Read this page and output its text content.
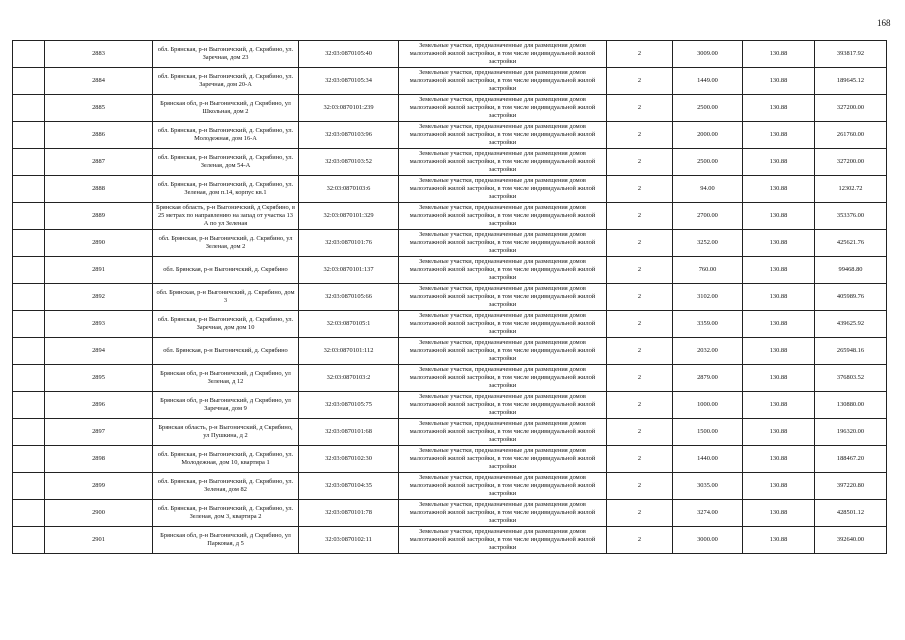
168
	2883	обл. Брянская, р-н Выгоничский, д. Скрябино, ул. Заречная, дом 23	32:03:0870105:40	Земельные участки, предназначенные для размещения домов малоэтажной жилой застройки, в том числе индивидуальной жилой застройки	2	3009.00	130.88	393817.92
	2884	обл. Брянская, р-н Выгоничский, д. Скрябино, ул. Заречная, дом 20-А	32:03:0870105:34	Земельные участки, предназначенные для размещения домов малоэтажной жилой застройки, в том числе индивидуальной жилой застройки	2	1449.00	130.88	189645.12
	2885	Брянская обл, р-н Выгоничский, д Скрябино, ул Школьная, дом 2	32:03:0870101:239	Земельные участки, предназначенные для размещения домов малоэтажной жилой застройки, в том числе индивидуальной жилой застройки	2	2500.00	130.88	327200.00
	2886	обл. Брянская, р-н Выгоничский, д. Скрябино, ул. Молодежная, дом 16-А	32:03:0870103:96	Земельные участки, предназначенные для размещения домов малоэтажной жилой застройки, в том числе индивидуальной жилой застройки	2	2000.00	130.88	261760.00
	2887	обл. Брянская, р-н Выгоничский, д. Скрябино, ул. Зеленая, дом 54-А	32:03:0870103:52	Земельные участки, предназначенные для размещения домов малоэтажной жилой застройки, в том числе индивидуальной жилой застройки	2	2500.00	130.88	327200.00
	2888	обл. Брянская, р-н Выгоничский, д. Скрябино, ул. Зеленая, дом п.14, корпус кв.1	32:03:0870103:6	Земельные участки, предназначенные для размещения домов малоэтажной жилой застройки, в том числе индивидуальной жилой застройки	2	94.00	130.88	12302.72
	2889	Брянская область, р-н Выгоничский, д Скрябино, в 25 метрах по направлению на запад от участка 13 А по ул Зеленая	32:03:0870101:329	Земельные участки, предназначенные для размещения домов малоэтажной жилой застройки, в том числе индивидуальной жилой застройки	2	2700.00	130.88	353376.00
	2890	обл. Брянская, р-н Выгоничский, д. Скрябино, ул Зеленая, дом 2	32:03:0870101:76	Земельные участки, предназначенные для размещения домов малоэтажной жилой застройки, в том числе индивидуальной жилой застройки	2	3252.00	130.88	425621.76
	2891	обл. Брянская, р-н Выгоничский, д. Скрябино	32:03:0870101:137	Земельные участки, предназначенные для размещения домов малоэтажной жилой застройки, в том числе индивидуальной жилой застройки	2	760.00	130.88	99468.80
	2892	обл. Брянская, р-н Выгоничский, д. Скрябино, дом 3	32:03:0870105:66	Земельные участки, предназначенные для размещения домов малоэтажной жилой застройки, в том числе индивидуальной жилой застройки	2	3102.00	130.88	405989.76
	2893	обл. Брянская, р-н Выгоничский, д. Скрябино, ул. Заречная, дом дом 10	32:03:0870105:1	Земельные участки, предназначенные для размещения домов малоэтажной жилой застройки, в том числе индивидуальной жилой застройки	2	3359.00	130.88	439625.92
	2894	обл. Брянская, р-н Выгоничский, д. Скрябино	32:03:0870101:112	Земельные участки, предназначенные для размещения домов малоэтажной жилой застройки, в том числе индивидуальной жилой застройки	2	2032.00	130.88	265948.16
	2895	Брянская обл, р-н Выгоничский, д Скрябино, ул Зеленая, д 12	32:03:0870103:2	Земельные участки, предназначенные для размещения домов малоэтажной жилой застройки, в том числе индивидуальной жилой застройки	2	2879.00	130.88	376803.52
	2896	Брянская обл, р-н Выгоничский, д Скрябино, ул Заречная, дом 9	32:03:0870105:75	Земельные участки, предназначенные для размещения домов малоэтажной жилой застройки, в том числе индивидуальной жилой застройки	2	1000.00	130.88	130880.00
	2897	Брянская область, р-н Выгоничский, д Скрябино, ул Пушкина, д 2	32:03:0870101:68	Земельные участки, предназначенные для размещения домов малоэтажной жилой застройки, в том числе индивидуальной жилой застройки	2	1500.00	130.88	196320.00
	2898	обл. Брянская, р-н Выгоничский, д. Скрябино, ул. Молодежная, дом 10, квартира 1	32:03:0870102:30	Земельные участки, предназначенные для размещения домов малоэтажной жилой застройки, в том числе индивидуальной жилой застройки	2	1440.00	130.88	188467.20
	2899	обл. Брянская, р-н Выгоничский, д. Скрябино, ул. Зеленая, дом 82	32:03:0870104:35	Земельные участки, предназначенные для размещения домов малоэтажной жилой застройки, в том числе индивидуальной жилой застройки	2	3035.00	130.88	397220.80
	2900	обл. Брянская, р-н Выгоничский, д. Скрябино, ул. Зеленая, дом 3, квартира 2	32:03:0870101:78	Земельные участки, предназначенные для размещения домов малоэтажной жилой застройки, в том числе индивидуальной жилой застройки	2	3274.00	130.88	428501.12
	2901	Брянская обл, р-н Выгоничский, д Скрябино, ул Парковая, д 5	32:03:0870102:11	Земельные участки, предназначенные для размещения домов малоэтажной жилой застройки, в том числе индивидуальной жилой застройки	2	3000.00	130.88	392640.00
